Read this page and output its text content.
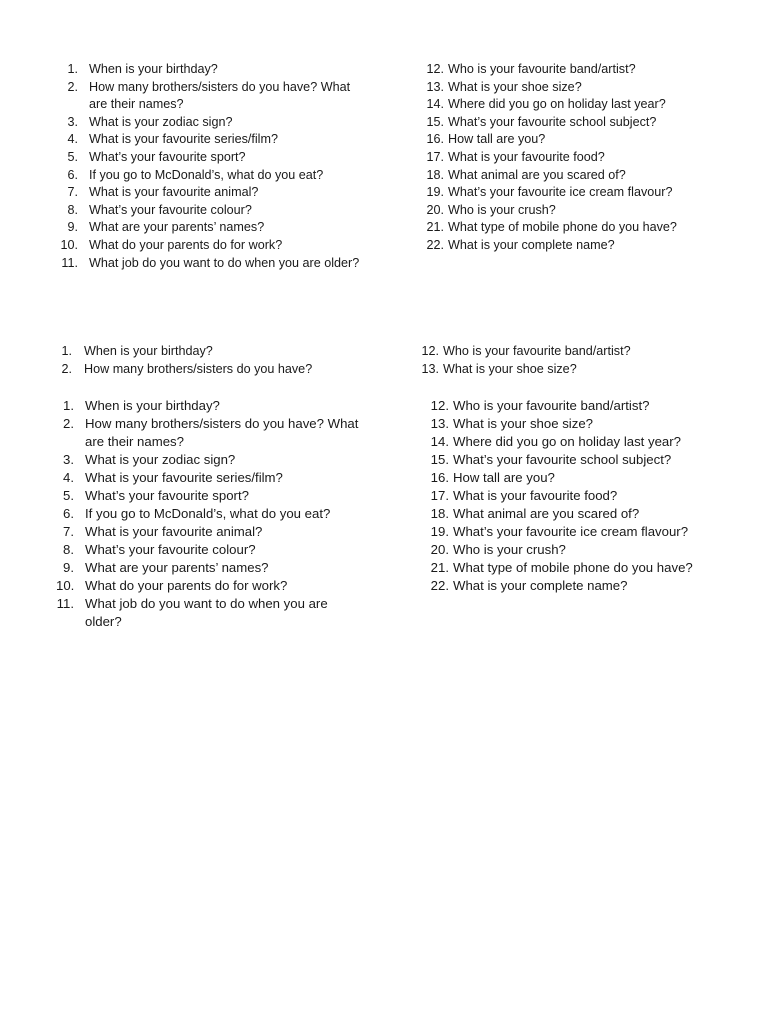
1. When is your birthday?
2. How many brothers/sisters do you have? What are their names?
3. What is your zodiac sign?
4. What is your favourite series/film?
5. What’s your favourite sport?
6. If you go to McDonald’s, what do you eat?
7. What is your favourite animal?
8. What’s your favourite colour?
9. What are your parents’ names?
10. What do your parents do for work?
11. What job do you want to do when you are older?
12. Who is your favourite band/artist?
13. What is your shoe size?
14. Where did you go on holiday last year?
15. What’s your favourite school subject?
16. How tall are you?
17. What is your favourite food?
18. What animal are you scared of?
19. What’s your favourite ice cream flavour?
20. Who is your crush?
21. What type of mobile phone do you have?
22. What is your complete name?
1. When is your birthday?
2. How many brothers/sisters do you have?
12. Who is your favourite band/artist?
13. What is your shoe size?
1. When is your birthday?
2. How many brothers/sisters do you have? What are their names?
3. What is your zodiac sign?
4. What is your favourite series/film?
5. What’s your favourite sport?
6. If you go to McDonald’s, what do you eat?
7. What is your favourite animal?
8. What’s your favourite colour?
9. What are your parents’ names?
10. What do your parents do for work?
11. What job do you want to do when you are older?
12. Who is your favourite band/artist?
13. What is your shoe size?
14. Where did you go on holiday last year?
15. What’s your favourite school subject?
16. How tall are you?
17. What is your favourite food?
18. What animal are you scared of?
19. What’s your favourite ice cream flavour?
20. Who is your crush?
21. What type of mobile phone do you have?
22. What is your complete name?
